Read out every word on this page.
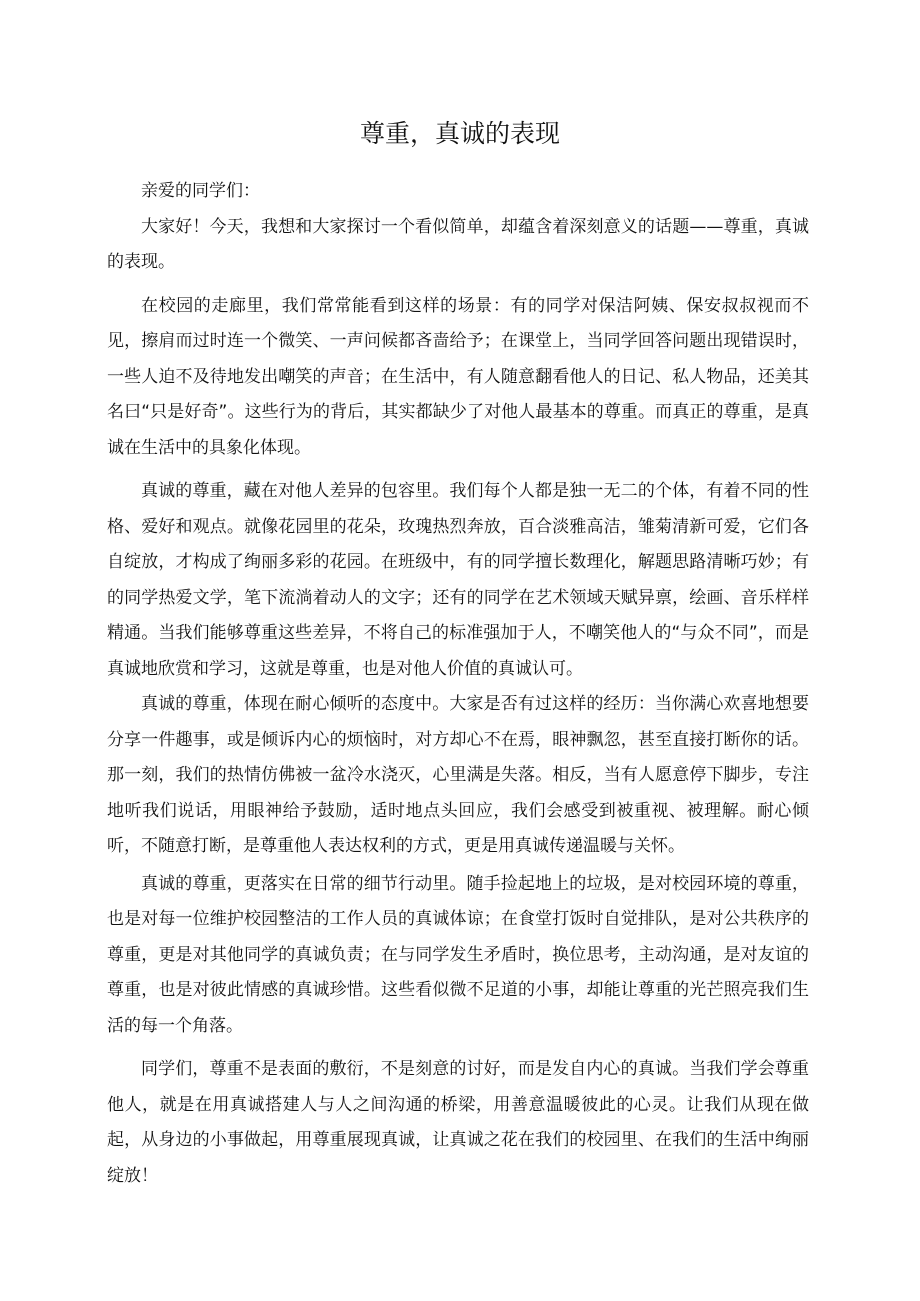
尊重，真诚的表现

亲爱的同学们：

大家好！今天，我想和大家探讨一个看似简单，却蕴含着深刻意义的话题——尊重，真诚的表现。

在校园的走廊里，我们常常能看到这样的场景：有的同学对保洁阿姨、保安叔叔视而不见，擦肩而过时连一个微笑、一声问候都吝啬给予；在课堂上，当同学回答问题出现错误时，一些人迫不及待地发出嘲笑的声音；在生活中，有人随意翻看他人的日记、私人物品，还美其名曰“只是好奇”。这些行为的背后，其实都缺少了对他人最基本的尊重。而真正的尊重，是真诚在生活中的具象化体现。

真诚的尊重，藏在对他人差异的包容里。我们每个人都是独一无二的个体，有着不同的性格、爱好和观点。就像花园里的花朵，玫瑰热烈奔放，百合淡雅高洁，雏菊清新可爱，它们各自绽放，才构成了绚丽多彩的花园。在班级中，有的同学擅长数理化，解题思路清晰巧妙；有的同学热爱文学，笔下流淌着动人的文字；还有的同学在艺术领域天赋异禀，绘画、音乐样样精通。当我们能够尊重这些差异，不将自己的标准强加于人，不嘲笑他人的“与众不同”，而是真诚地欣赏和学习，这就是尊重，也是对他人价值的真诚认可。

真诚的尊重，体现在耐心倾听的态度中。大家是否有过这样的经历：当你满心欢喜地想要分享一件趣事，或是倾诉内心的烦恼时，对方却心不在焉，眼神飘忽，甚至直接打断你的话。那一刻，我们的热情仿佛被一盆冷水浇灭，心里满是失落。相反，当有人愿意停下脚步，专注地听我们说话，用眼神给予鼓励，适时地点头回应，我们会感受到被重视、被理解。耐心倾听，不随意打断，是尊重他人表达权利的方式，更是用真诚传递温暖与关怀。

真诚的尊重，更落实在日常的细节行动里。随手捡起地上的垃圾，是对校园环境的尊重，也是对每一位维护校园整洁的工作人员的真诚体谅；在食堂打饭时自觉排队，是对公共秩序的尊重，更是对其他同学的真诚负责；在与同学发生矛盾时，换位思考，主动沟通，是对友谊的尊重，也是对彼此情感的真诚珍惜。这些看似微不足道的小事，却能让尊重的光芒照亮我们生活的每一个角落。

同学们，尊重不是表面的敷衍，不是刻意的讨好，而是发自内心的真诚。当我们学会尊重他人，就是在用真诚搭建人与人之间沟通的桥梁，用善意温暖彼此的心灵。让我们从现在做起，从身边的小事做起，用尊重展现真诚，让真诚之花在我们的校园里、在我们的生活中绚丽绽放！
